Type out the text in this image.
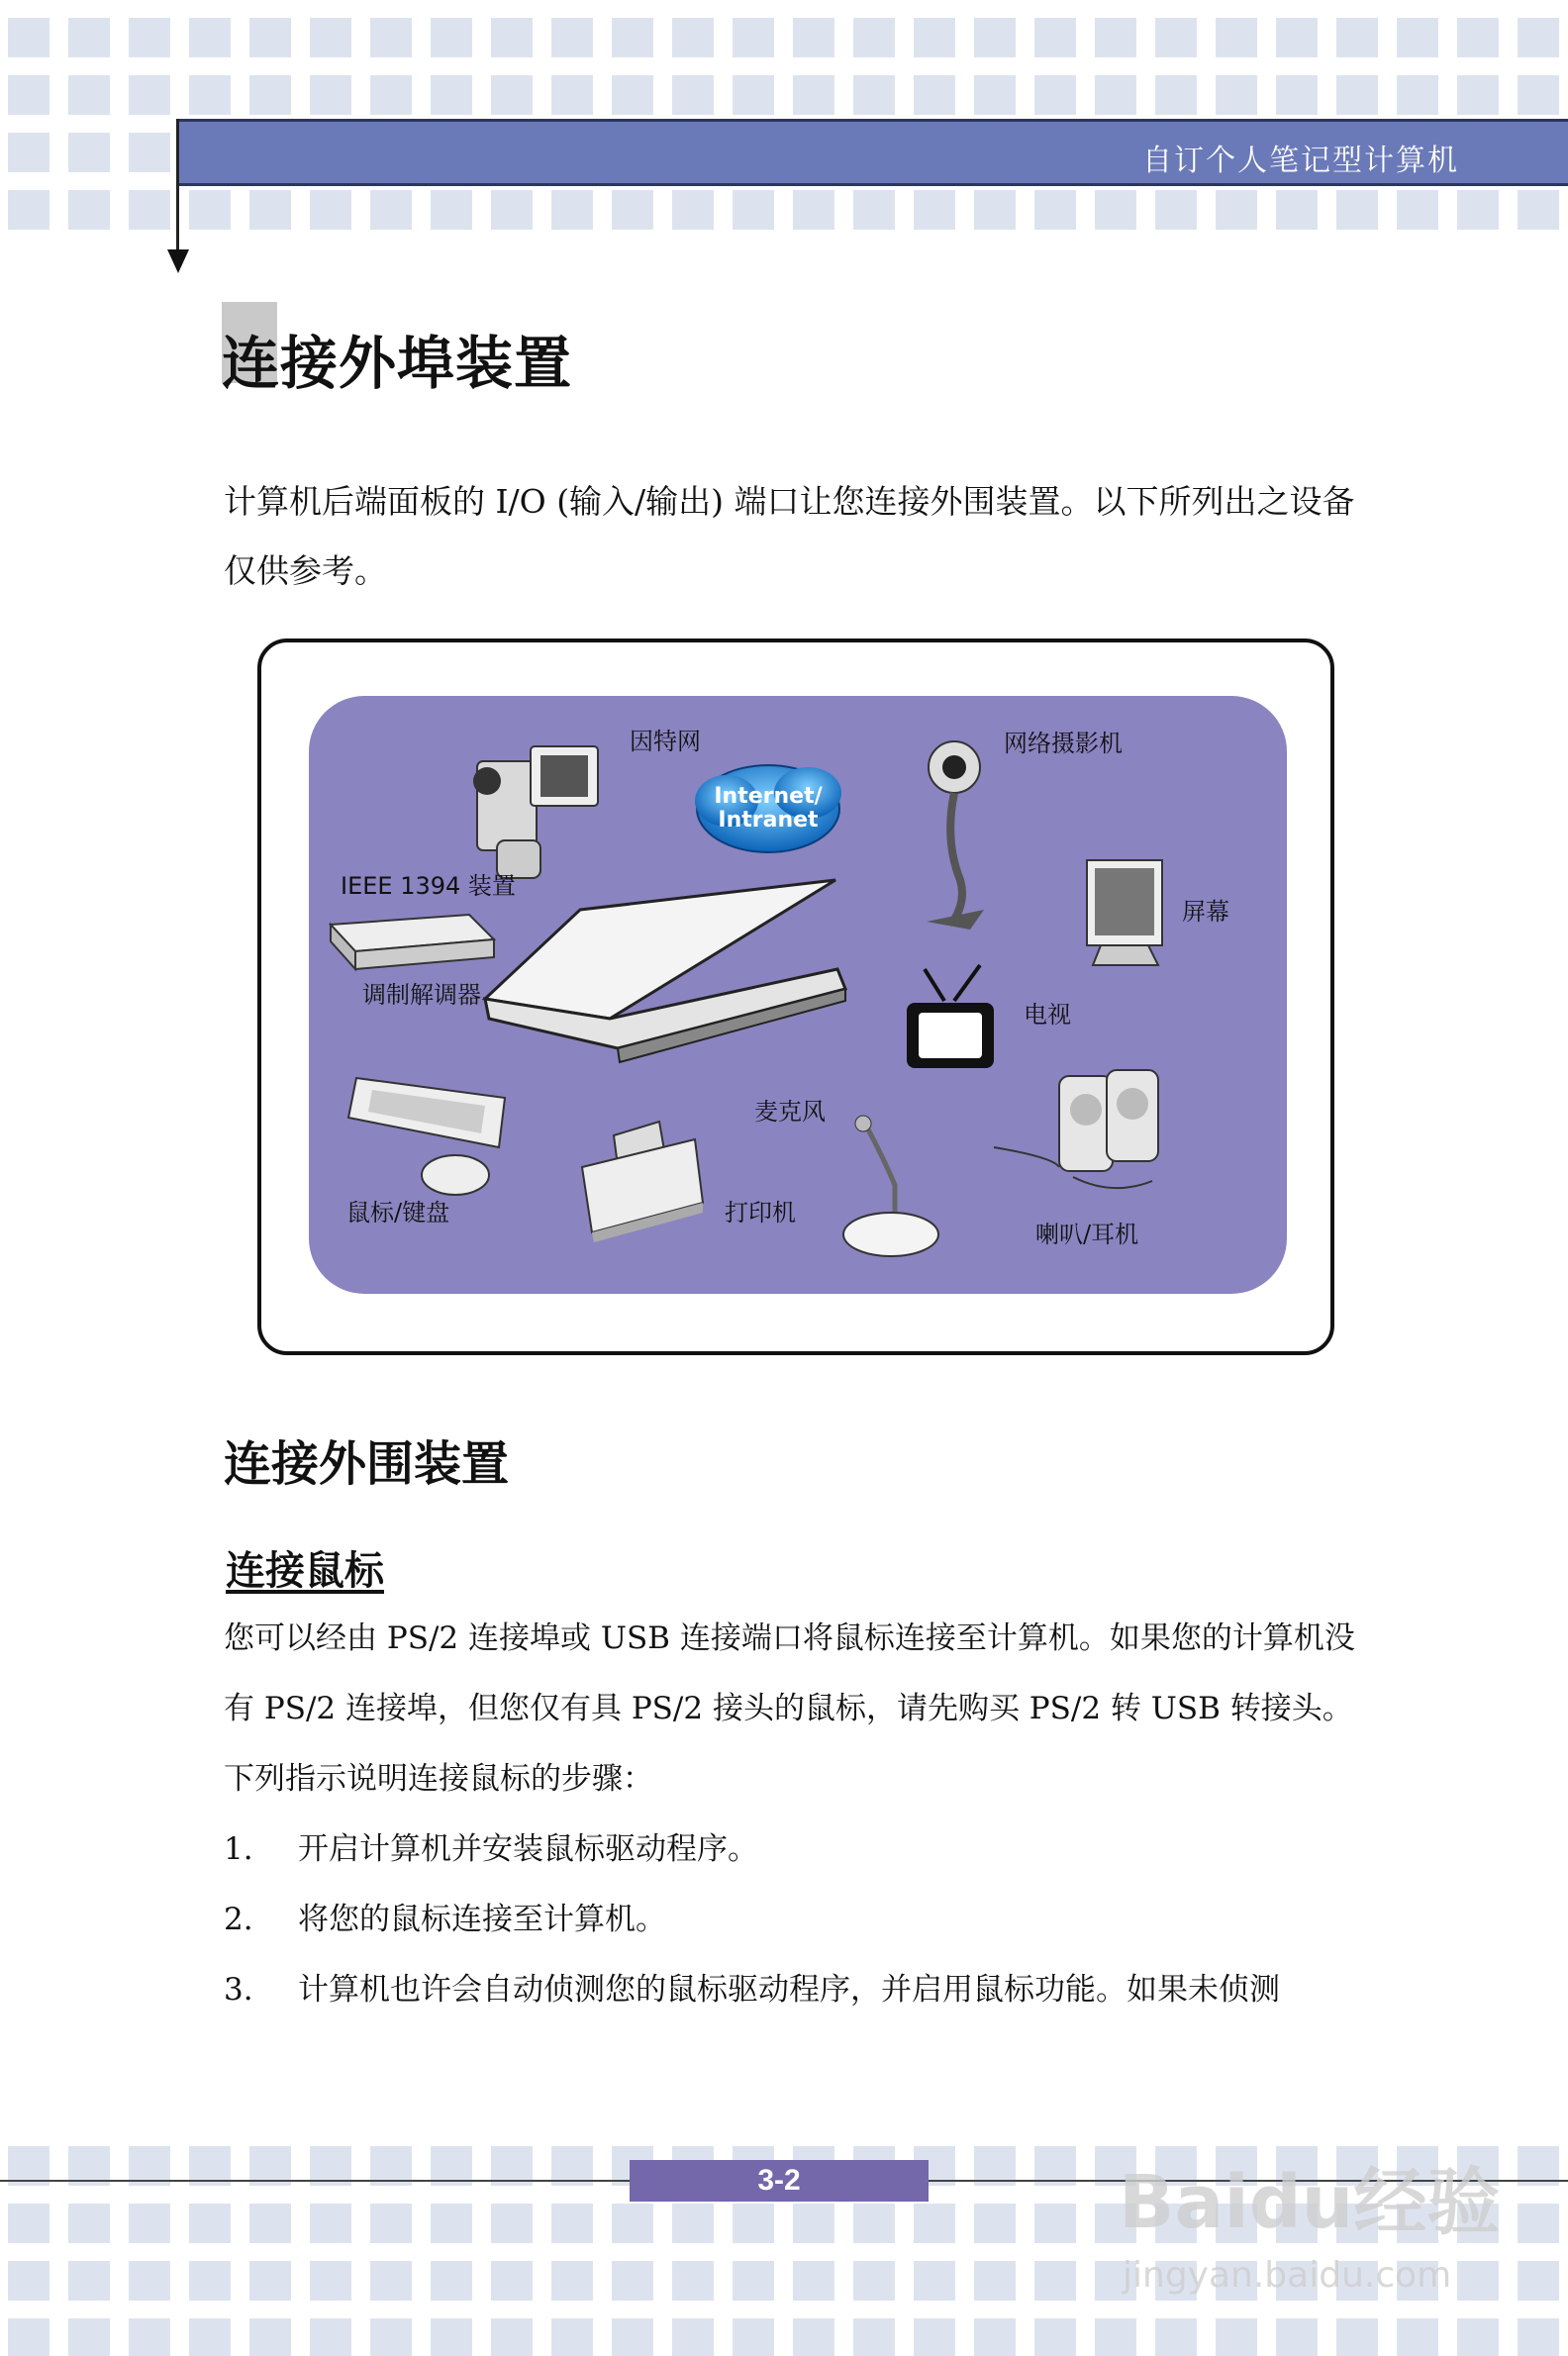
自订个人笔记型计算机
连接外埠装置

计算机后端面板的 I/O (输入/输出) 端口让您连接外围装置。以下所列出之设备仅供参考。

因特网
Internet/
Intranet
网络摄影机
IEEE 1394 装置
屏幕
调制解调器
电视
鼠标/键盘	打印机
麦克风
喇叭/耳机
连接外围装置
连接鼠标

您可以经由 PS/2 连接埠或 USB 连接端口将鼠标连接至计算机。如果您的计算机没有 PS/2 连接埠，但您仅有具 PS/2 接头的鼠标，请先购买 PS/2 转 USB 转接头。下列指示说明连接鼠标的步骤：

1.	开启计算机并安装鼠标驱动程序。
2.	将您的鼠标连接至计算机。
3.	计算机也许会自动侦测您的鼠标驱动程序，并启用鼠标功能。如果未侦测
3-2	Baidu经验
jingyan.baidu.com
